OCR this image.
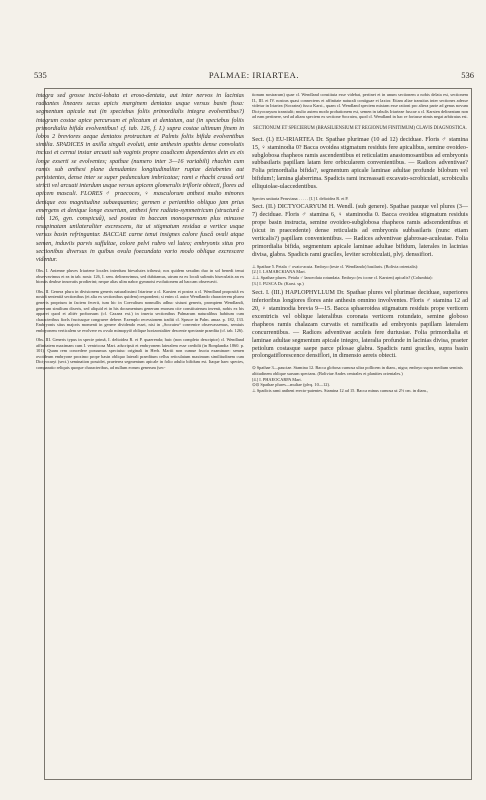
535	PALMAE: IRIARTEA.	536

integra sed grosse incisi-lobata et eroso-dentata, aut inter nervos in lacinias radiantes lineares secus apicis marginem dentatas usque versus basin fissa: segmentum apicale nut (in speciebus foliis primordialis integra evolventibus?) integrum costae apice percursum et plicatum et dentatum, aut (in speciebus foliis primordialia bifida evolventibus! cf. tab. 126, f. I.) supra costae ultimum finem in lobos 2 breviores aeque dentatos protractum et Palmis foliis bifida evolventibus similia. SPADICES in axilla singuli evoluti, ante anthesin spathis dense convolutis inclusi et cernui instar arcuati sub vaginis propre caudicem dependentes dein ex eis longe exserti se evolventes; spathae (numero inter 3—16 variabili) rhachin cum ramis sub anthesi plane denudantes longitudinaliter ruptae deiabentes aut persistentes, dense inter se super pedunculum imbricatae; rami e rhachi crassâ orti stricti vel arcuati interdum usque versus apicem glomerulis triflorie obtecti, flores ad apicem masculi. FLORES ♂ praecoces, ♀ masculorum anthesi multo minores denique eos magnitudine subaequantes; germen e perianthio obliquo jam prius emergens et denique longe exsertum, anthesi fere radiato-symmetricum (structurâ e tab. 126, gyn. conspicuâ), sed postea in baccam monospermam plus minusve resupinatam unilateraliter excrescens, ita ut stigmatum residua a vertice usque versus basin refringantur. BACCAE carne tenui insignes calore fuscâ ovali atque semen, induviis parvis suffultae, colore pelvi rubro vel luteo; embryonis situs pro sectionibus diversus in quibus ovula foecundata vario modo oblique excrescere videntur.

Obs. I. Antenne pluves Iriartene locales interdum bievalutes triheusi; nos quidem sexalim duo in sol benedi tenui observavimus et ea in tab. nostr. 126, I. sem. delineavimus, sed dubitamus, utrum ea ex locali sulimtis biseculatis an ex bioniis deubse innovatis prodierint; neque alias ulim nabor gymnotsi evolutionem ad baccam observavit.

Obs. II. Genera plura in divisionem generis naturalissimi Iriarteae a cl. Karsten et postea a cl. Wendland propositâ ex nostrâ sententiâ sectionibus (et alia ex sectionibus quidem) respondent; si enim cl. autor Wendlando characterem plurea generis proprium in faciem fecerit, tum hic in Coevalium nonnullis adhuc sistunt generis, promptem Wendlandi, generum similium dixeris, sed aliquid et in his documentum generum enorum cite constituterum invenit, nobis ex his apparet quod et alitér proborsum (cf. Caxaea ext.) in inserta sectionibus Palmarum naturalibus habitum cum characteribus fiorls fructusque congruere debere. Exemplo recessionem traditi cl. Spruce in Palm. amaz. p. 182, 133. Embryonis situs majoris momenti in genere dividendo esset, nisi in „Socratea“ convenire observassemus, semiuis embryonem verticalem se evolvere ex ovulo mimopytô oblique horizontaliter descente spectante praedita (cf. tab. 126).

Obs. III. Generis typus in specie primâ, I. deltoidea R. et P. quaerenda; huic (non completo descriptor) cl. Wendland affinitatem maximam cum I. ventricosa Mart. adscripsit et embryonem lateralem esse credidit (in Bonplandia 1860. p. 101). Quam rem concedere possumus speciuiuc originali in Herb. Martii non cumue fructu examinare: semen ovoideum embryone proximo prope basin obliquo laterali praeditum cellus reticulatum maximum similitudinem cum Dictyocaryi (sect.) semination possidet, praeterea segmentum apicale in folio adulto bifidum est. Itaque haec species, comparatio reliquis quoque characteribus, ad nullum eorum generum (sec-

tionum nostrarum) quae cl. Wendland constituta esse videbat, pertinet et in unum sectionem a nobis delata est, sectionem II., III. et IV. nostras quasi connectens et affinitate naturali contiguae et laxior. Etiam aliae transitus inter sectiones adesse videtur in Iriartea (Socratea) fusca Karst., quam cl. Wendland speciem mixtam esse rationi pro altera parte ad genus novum Dictyocaryum transtulit; multo autem modo probationem est, semen in tabulis Iriarteae fuscae a cl. Karsten delineatum non ad eam pertinere, sed ad aliam speciem ex sectione Socratea, quod cl. Wendland in hac re fortasse nimis negat arbitratus est.

SECTIONUM ET SPECIERUM (BRASILIENSIUM ET REGIONUM FINITIMUM) CLAVIS DIAGNOSTICA.

Sect. (I.) EU-IRIARTEA Dr. Spathae plurimae (10 ad 12) deciduae. Floris ♂ stamina 15, ♀ staminodia 0? Bacca ovoidea stigmatum residuis fere apicalibus, semine ovoideo-subglobosa rhapheos ramis ascendentibus et reticulatim anastomosantibus ad embryonis subbasilaris papillam latam fere orbicularem convenientibus. — Radices adventivae? Folia primordialia bifida?, segmentum apicale laminae adultae profunde bilobum vel bifidum!; lamina glaberrima. Spadicis rami increassati excavato-scrobiculati, scrobiculis elliquiolae-ulaccedentibus.

Species unitaria Peruviana . . . . . [I.] I. deltoidea R. et P.

Sect. (II.) DICTYOCARYUM H. Wendl. (sub genere). Spathae pauque vel plures (3—7) deciduae. Floris ♂ stamina 6, ♀ staminodia 0. Bacca ovoidea stigmatum residuis prope basin instructa, semine ovoideo-subglobosa rhapheos ramis adscendentibus et (sicut in praecedente) dense reticulatis ad embryonis subbasilaris (nunc etiam verticalis?) papillam convenientibus. — Radices adventivae glabrosae-aculeatae. Folia primordialia bifida, segmentum apicale laminae adultae bifidum, laterales in lacinias divisa, glabra. Spadicis rami graciles, leviter scrobiculati, plvj. denssifiori.

⊥ Spathae 5. Petala ♂ ovato-acuta. Embryo (teste cl. Wendlando) basilaris. (Bolivia orientalis):
[2.] I. LAMARCKIANA Mart.
⊥⊥ Spathae plures. Petala ♂ lanceolata rotundata. Embryo (ex icone cl. Karsten) apicalis? (Columbia):
[3.] I. FUSCA Dr. (Karst. sp.)

Sect. I. (III.) HAPLOPHYLLUM Dr. Spathae plures vel plurimae deciduae, superiores inferioribus longiores flores ante anthesin omnino involventes. Floris ♂ stamina 12 ad 20, ♀ staminodia brevia 9—15. Bacca sphaeroidea stigmatum residuis prope verticem excentricis vel oblique lateralibus coronata verticem rotundato, semine globoso rhapheos ramis chalazam curvatis et ramificatis ad embryonis papillam lateralem concurrentibus. — Radices adventivae aculeis fere duriusiae. Folia primordialia et laminae adultae segmentum apicale integro, lateralia profunde in lacinias divisa, praeter petiolum costasque saepe parce pilosae glabra. Spadicis rami graciles, supra basin prolongatiflorescence densiflori, in dimensio aereis obtecti.

⊙ Spathae 3—pauciae. Stamina 12. Bacca globosa curnosa ultra pollicem in diam., nigra; embryo supra medium seminis altitudinem oblique sursum spectans. (Boliviae Andes centrales et planities orientales.)
[4.] I. PHAEOCARPA Mart.
⊙⊙ Spathae plures—multae (plvq. 10—12).
⊥ Spadicis rami antheni erecto-patentes. Stamina 12 ad 15. Bacca minus carnosa ut 2½ cm. in diam.,
